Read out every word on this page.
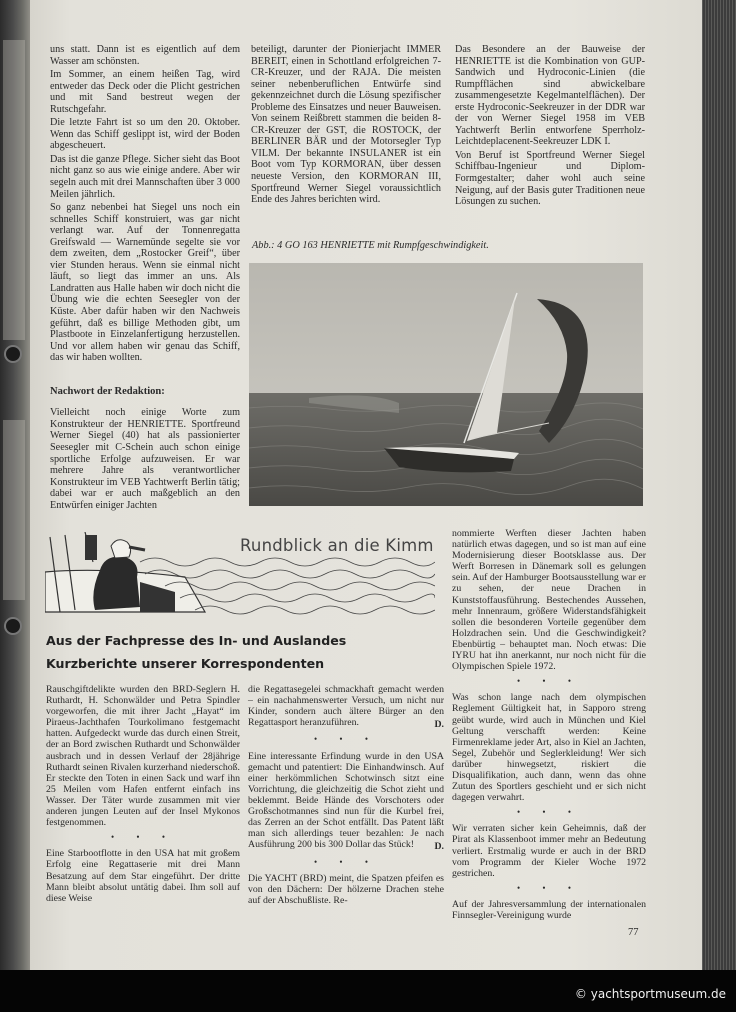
uns statt. Dann ist es eigentlich auf dem Wasser am schönsten.

Im Sommer, an einem heißen Tag, wird entweder das Deck oder die Plicht gestrichen und mit Sand bestreut wegen der Rutschgefahr.

Die letzte Fahrt ist so um den 20. Oktober. Wenn das Schiff geslippt ist, wird der Boden abgescheuert.

Das ist die ganze Pflege. Sicher sieht das Boot nicht ganz so aus wie einige andere. Aber wir segeln auch mit drei Mannschaften über 3 000 Meilen jährlich.

So ganz nebenbei hat Siegel uns noch ein schnelles Schiff konstruiert, was gar nicht verlangt war. Auf der Tonnenregatta Greifswald — Warnemünde segelte sie vor dem zweiten, dem „Rostocker Greif“, über vier Stunden heraus. Wenn sie einmal nicht läuft, so liegt das immer an uns. Als Landratten aus Halle haben wir doch nicht die Übung wie die echten Seesegler von der Küste. Aber dafür haben wir den Nachweis geführt, daß es billige Methoden gibt, um Plastboote in Einzelanfertigung herzustellen. Und vor allem haben wir genau das Schiff, das wir haben wollten.

Nachwort der Redaktion:

Vielleicht noch einige Worte zum Konstrukteur der HENRIETTE. Sportfreund Werner Siegel (40) hat als passionierter Seesegler mit C-Schein auch schon einige sportliche Erfolge aufzuweisen. Er war mehrere Jahre als verantwortlicher Konstrukteur im VEB Yachtwerft Berlin tätig; dabei war er auch maßgeblich an den Entwürfen einiger Jachten

beteiligt, darunter der Pionierjacht IMMER BEREIT, einen in Schottland erfolgreichen 7-CR-Kreuzer, und der RAJA. Die meisten seiner nebenberuflichen Entwürfe sind gekennzeichnet durch die Lösung spezifischer Probleme des Einsatzes und neuer Bauweisen. Von seinem Reißbrett stammen die beiden 8-CR-Kreuzer der GST, die ROSTOCK, der BERLINER BÄR und der Motorsegler Typ VILM. Der bekannte INSULANER ist ein Boot vom Typ KORMORAN, über dessen neueste Version, den KORMORAN III, Sportfreund Werner Siegel voraussichtlich Ende des Jahres berichten wird.

Das Besondere an der Bauweise der HENRIETTE ist die Kombination von GUP-Sandwich und Hydroconic-Linien (die Rumpfflächen sind abwickelbare zusammengesetzte Kegelmantelflächen). Der erste Hydroconic-Seekreuzer in der DDR war der von Werner Siegel 1958 im VEB Yachtwerft Berlin entworfene Sperrholz-Leichtdeplacenent-Seekreuzer LDK I.

Von Beruf ist Sportfreund Werner Siegel Schiffbau-Ingenieur und Diplom-Formgestalter; daher wohl auch seine Neigung, auf der Basis guter Traditionen neue Lösungen zu suchen.

Abb.: 4 GO 163 HENRIETTE mit Rumpfgeschwindigkeit.
Rundblick an die Kimm
Aus der Fachpresse des In- und Auslandes
Kurzberichte unserer Korrespondenten

Rauschgiftdelikte wurden den BRD-Seglern H. Ruthardt, H. Schonwälder und Petra Spindler vorgeworfen, die mit ihrer Jacht „Hayat“ im Piraeus-Jachthafen Tourkolimano festgemacht hatten. Aufgedeckt wurde das durch einen Streit, der an Bord zwischen Ruthardt und Schonwälder ausbrach und in dessen Verlauf der 28jährige Ruthardt seinen Rivalen kurzerhand niederschoß. Er steckte den Toten in einen Sack und warf ihn 25 Meilen vom Hafen entfernt einfach ins Wasser. Der Täter wurde zusammen mit vier anderen jungen Leuten auf der Insel Mykonos festgenommen.

• • •

Eine Starbootflotte in den USA hat mit großem Erfolg eine Regattaserie mit drei Mann Besatzung auf dem Star eingeführt. Der dritte Mann bleibt absolut untätig dabei. Ihm soll auf diese Weise

die Regattasegelei schmackhaft gemacht werden – ein nachahmenswerter Versuch, um nicht nur Kinder, sondern auch ältere Bürger an den Regattasport heranzuführen.	D.

• • •

Eine interessante Erfindung wurde in den USA gemacht und patentiert: Die Einhandwinsch. Auf einer herkömmlichen Schotwinsch sitzt eine Vorrichtung, die gleichzeitig die Schot zieht und beklemmt. Beide Hände des Vorschoters oder Großschotmannes sind nun für die Kurbel frei, das Zerren an der Schot entfällt. Das Patent läßt man sich allerdings teuer bezahlen: Je nach Ausführung 200 bis 300 Dollar das Stück!	D.

• • •

Die YACHT (BRD) meint, die Spatzen pfeifen es von den Dächern: Der hölzerne Drachen stehe auf der Abschußliste. Re-

nommierte Werften dieser Jachten haben natürlich etwas dagegen, und so ist man auf eine Modernisierung dieser Bootsklasse aus. Der Werft Borresen in Dänemark soll es gelungen sein. Auf der Hamburger Bootsausstellung war er zu sehen, der neue Drachen in Kunststoffausführung. Bestechendes Aussehen, mehr Innenraum, größere Widerstandsfähigkeit sollen die besonderen Vorteile gegenüber dem Holzdrachen sein. Und die Geschwindigkeit? Ebenbürtig – behauptet man. Noch etwas: Die IYRU hat ihn anerkannt, nur noch nicht für die Olympischen Spiele 1972.

• • •

Was schon lange nach dem olympischen Reglement Gültigkeit hat, in Sapporo streng geübt wurde, wird auch in München und Kiel Geltung verschafft werden: Keine Firmenreklame jeder Art, also in Kiel an Jachten, Segel, Zubehör und Seglerkleidung! Wer sich darüber hinwegsetzt, riskiert die Disqualifikation, auch dann, wenn das ohne Zutun des Sportlers geschieht und er sich nicht dagegen verwahrt.

• • •

Wir verraten sicher kein Geheimnis, daß der Pirat als Klassenboot immer mehr an Bedeutung verliert. Erstmalig wurde er auch in der BRD vom Programm der Kieler Woche 1972 gestrichen.

• • •

Auf der Jahresversammlung der internationalen Finnsegler-Vereinigung wurde

77
© yachtsportmuseum.de
